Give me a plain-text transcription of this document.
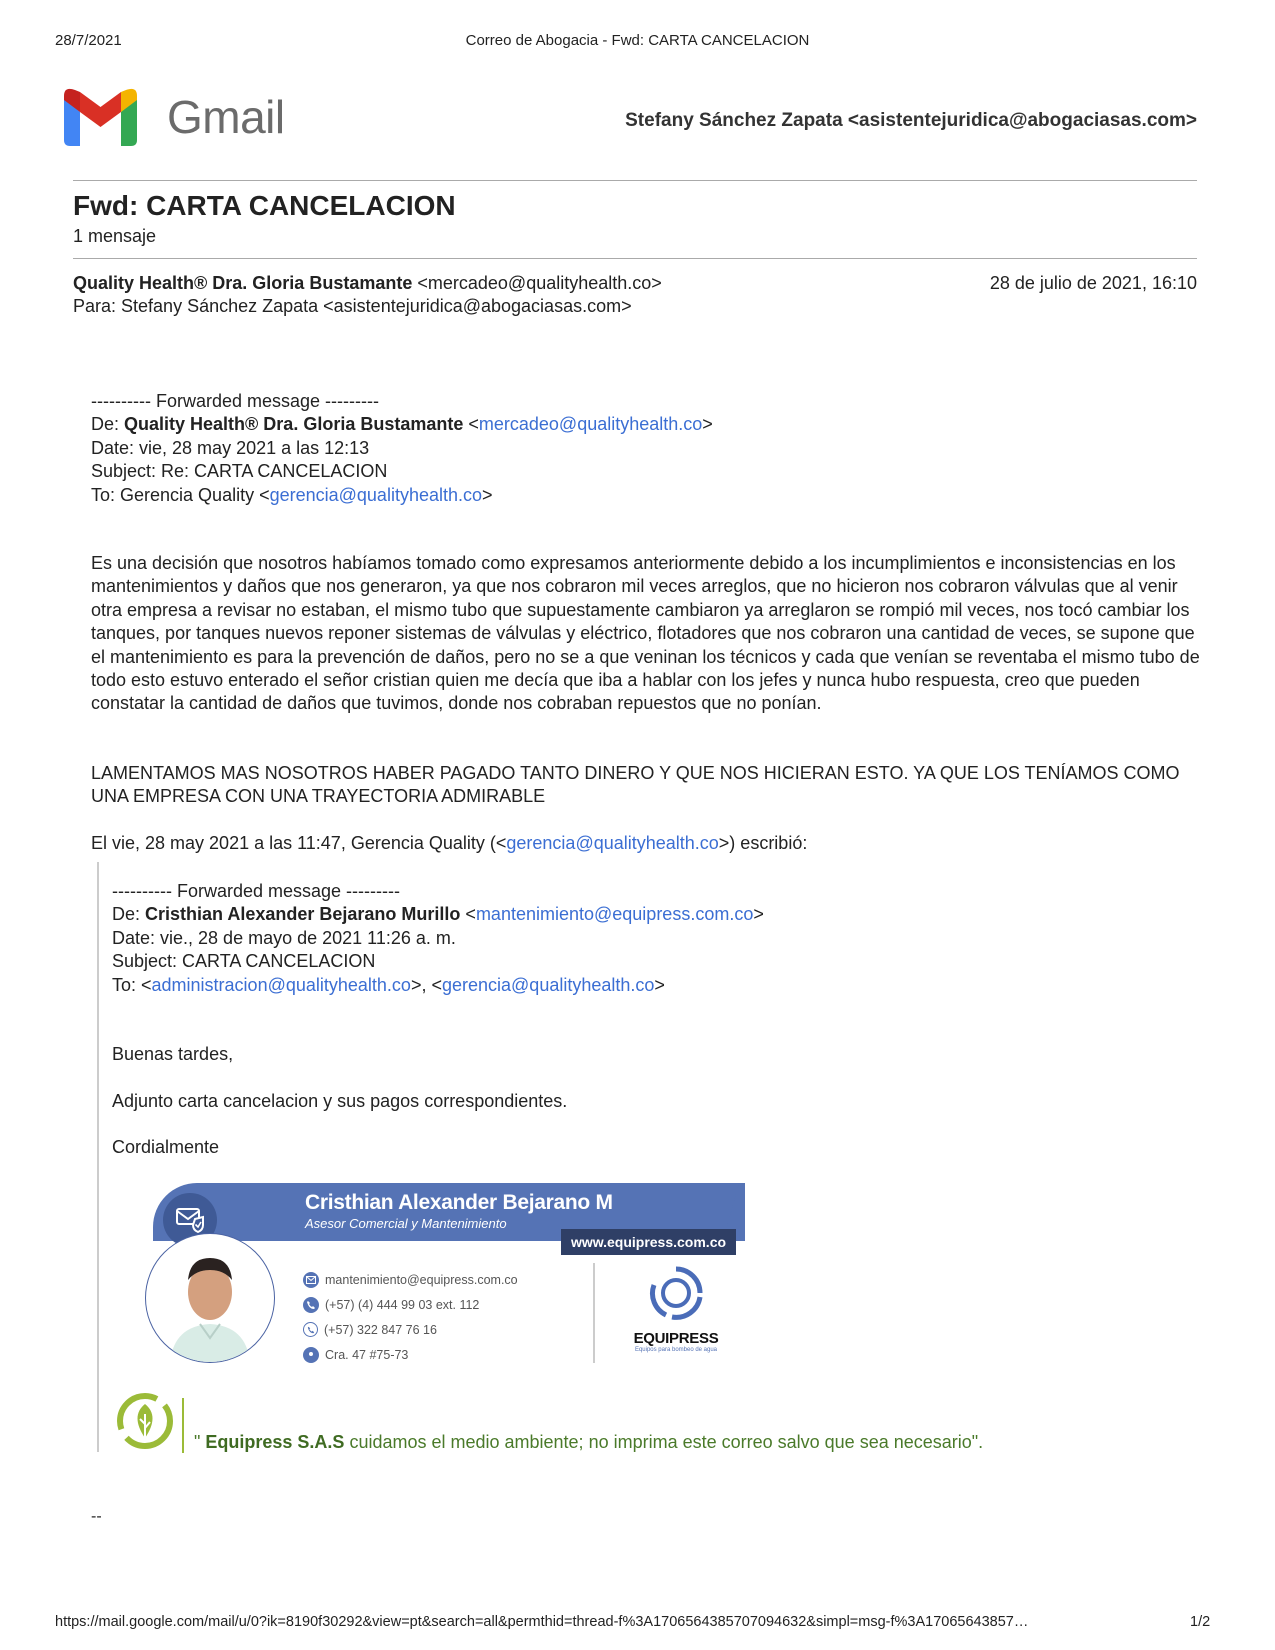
28/7/2021	Correo de Abogacia - Fwd: CARTA CANCELACION
Gmail	Stefany Sánchez Zapata <asistentejuridica@abogaciasas.com>
Fwd: CARTA CANCELACION
1 mensaje
Quality Health® Dra. Gloria Bustamante <mercadeo@qualityhealth.co>	28 de julio de 2021, 16:10
Para: Stefany Sánchez Zapata <asistentejuridica@abogaciasas.com>
---------- Forwarded message ---------
De: Quality Health® Dra. Gloria Bustamante <mercadeo@qualityhealth.co>
Date: vie, 28 may 2021 a las 12:13
Subject: Re: CARTA CANCELACION
To: Gerencia Quality <gerencia@qualityhealth.co>
Es una decisión que nosotros habíamos tomado como expresamos anteriormente debido a los incumplimientos e inconsistencias en los mantenimientos y daños que nos generaron, ya que nos cobraron mil veces arreglos, que no hicieron nos cobraron válvulas que al venir otra empresa a revisar no estaban, el mismo tubo que supuestamente cambiaron ya arreglaron se rompió mil veces, nos tocó cambiar los tanques, por tanques nuevos reponer sistemas de válvulas y eléctrico, flotadores que nos cobraron una cantidad de veces, se supone que el mantenimiento es para la prevención de daños, pero no se a que veninan los técnicos y cada que venían se reventaba el mismo tubo de todo esto estuvo enterado el señor cristian quien me decía que iba a hablar con los jefes y nunca hubo respuesta, creo que pueden constatar la cantidad de daños que tuvimos, donde nos cobraban repuestos que no ponían.
LAMENTAMOS MAS NOSOTROS HABER PAGADO TANTO DINERO Y QUE NOS HICIERAN ESTO. YA QUE LOS TENÍAMOS COMO UNA EMPRESA CON UNA TRAYECTORIA ADMIRABLE
El vie, 28 may 2021 a las 11:47, Gerencia Quality (<gerencia@qualityhealth.co>) escribió:
---------- Forwarded message ---------
De: Cristhian Alexander Bejarano Murillo <mantenimiento@equipress.com.co>
Date: vie., 28 de mayo de 2021 11:26 a. m.
Subject: CARTA CANCELACION
To: <administracion@qualityhealth.co>, <gerencia@qualityhealth.co>
Buenas tardes,
Adjunto carta cancelacion y sus pagos correspondientes.
Cordialmente
Cristhian Alexander Bejarano M
Asesor Comercial y Mantenimiento
www.equipress.com.co
mantenimiento@equipress.com.co
(+57) (4) 444 99 03 ext. 112
(+57) 322 847 76 16
Cra. 47 #75-73
EQUIPRESS
Equipos para bombeo de agua
" Equipress S.A.S cuidamos el medio ambiente; no imprima este correo salvo que sea necesario".
--
https://mail.google.com/mail/u/0?ik=8190f30292&view=pt&search=all&permthid=thread-f%3A1706564385707094632&simpl=msg-f%3A17065643857…	1/2
